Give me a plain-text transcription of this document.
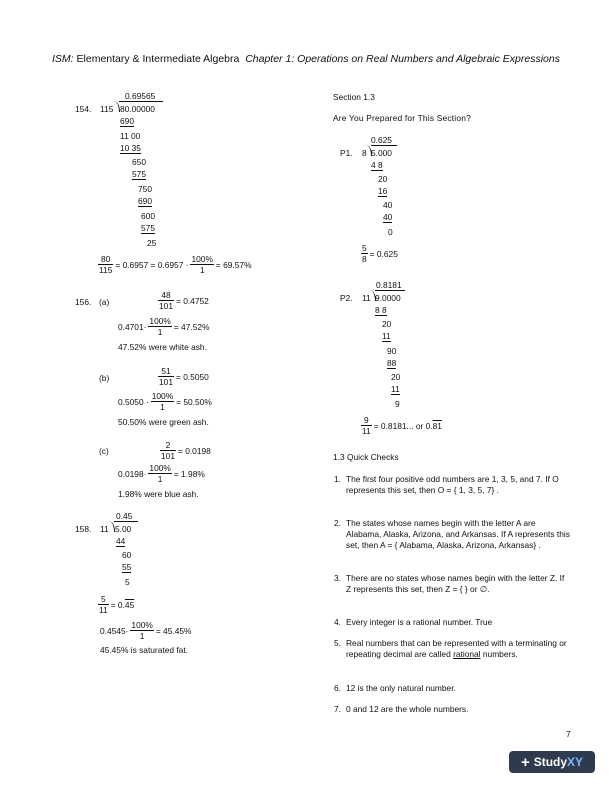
ISM: Elementary & Intermediate Algebra Chapter 1: Operations on Real Numbers and Algebraic Expressions
154. 115
0.69565
80.00000
690
11 00
10 35
650
575
750
690
600
575
25
$\frac{80}{115} = 0.6957 = 0.6957 \cdot \frac{100\%}{1} = 69.57\%$
156. (a)	$\frac{48}{101} = 0.4752$
$0.4701\cdot \frac{100\%}{1} = 47.52\%$
47.52% were white ash.
(b)	$\frac{51}{101} = 0.5050$
$0.5050 \cdot \frac{100\%}{1} = 50.50\%$
50.50% were green ash.
(c)	$\frac{2}{101} = 0.0198$
$0.0198\cdot \frac{100\%}{1} = 1.98\%$
1.98% were blue ash.
158. 11
0.45
5.00
44
60
55
5
$\frac{5}{11} = 0.45$
$0.4545\cdot \frac{100\%}{1} = 45.45\%$
45.45% is saturated fat.
Section 1.3
Are You Prepared for This Section?
P1. 8
0.625
5.000
4 8
20
16
40
40
0
$\frac{5}{8} = 0.625$
P2. 11
0.8181
9.0000
8 8
20
11
90
88
20
11
9
$\frac{9}{11} = 0.8181$... or 0.81
1.3 Quick Checks
1. The first four positive odd numbers are 1, 3, 5, and 7. If O represents this set, then O = { 1, 3, 5, 7} .
2. The states whose names begin with the letter A are Alabama, Alaska, Arizona, and Arkansas. If A represents this set, then A = { Alabama, Alaska, Arizona, Arkansas} .
3. There are no states whose names begin with the letter Z. If Z represents this set, then Z = { } or ∅.
4. Every integer is a rational number. True
5. Real numbers that can be represented with a terminating or repeating decimal are called rational numbers.
6. 12 is the only natural number.
7. 0 and 12 are the whole numbers.
7
+ StudyXY
